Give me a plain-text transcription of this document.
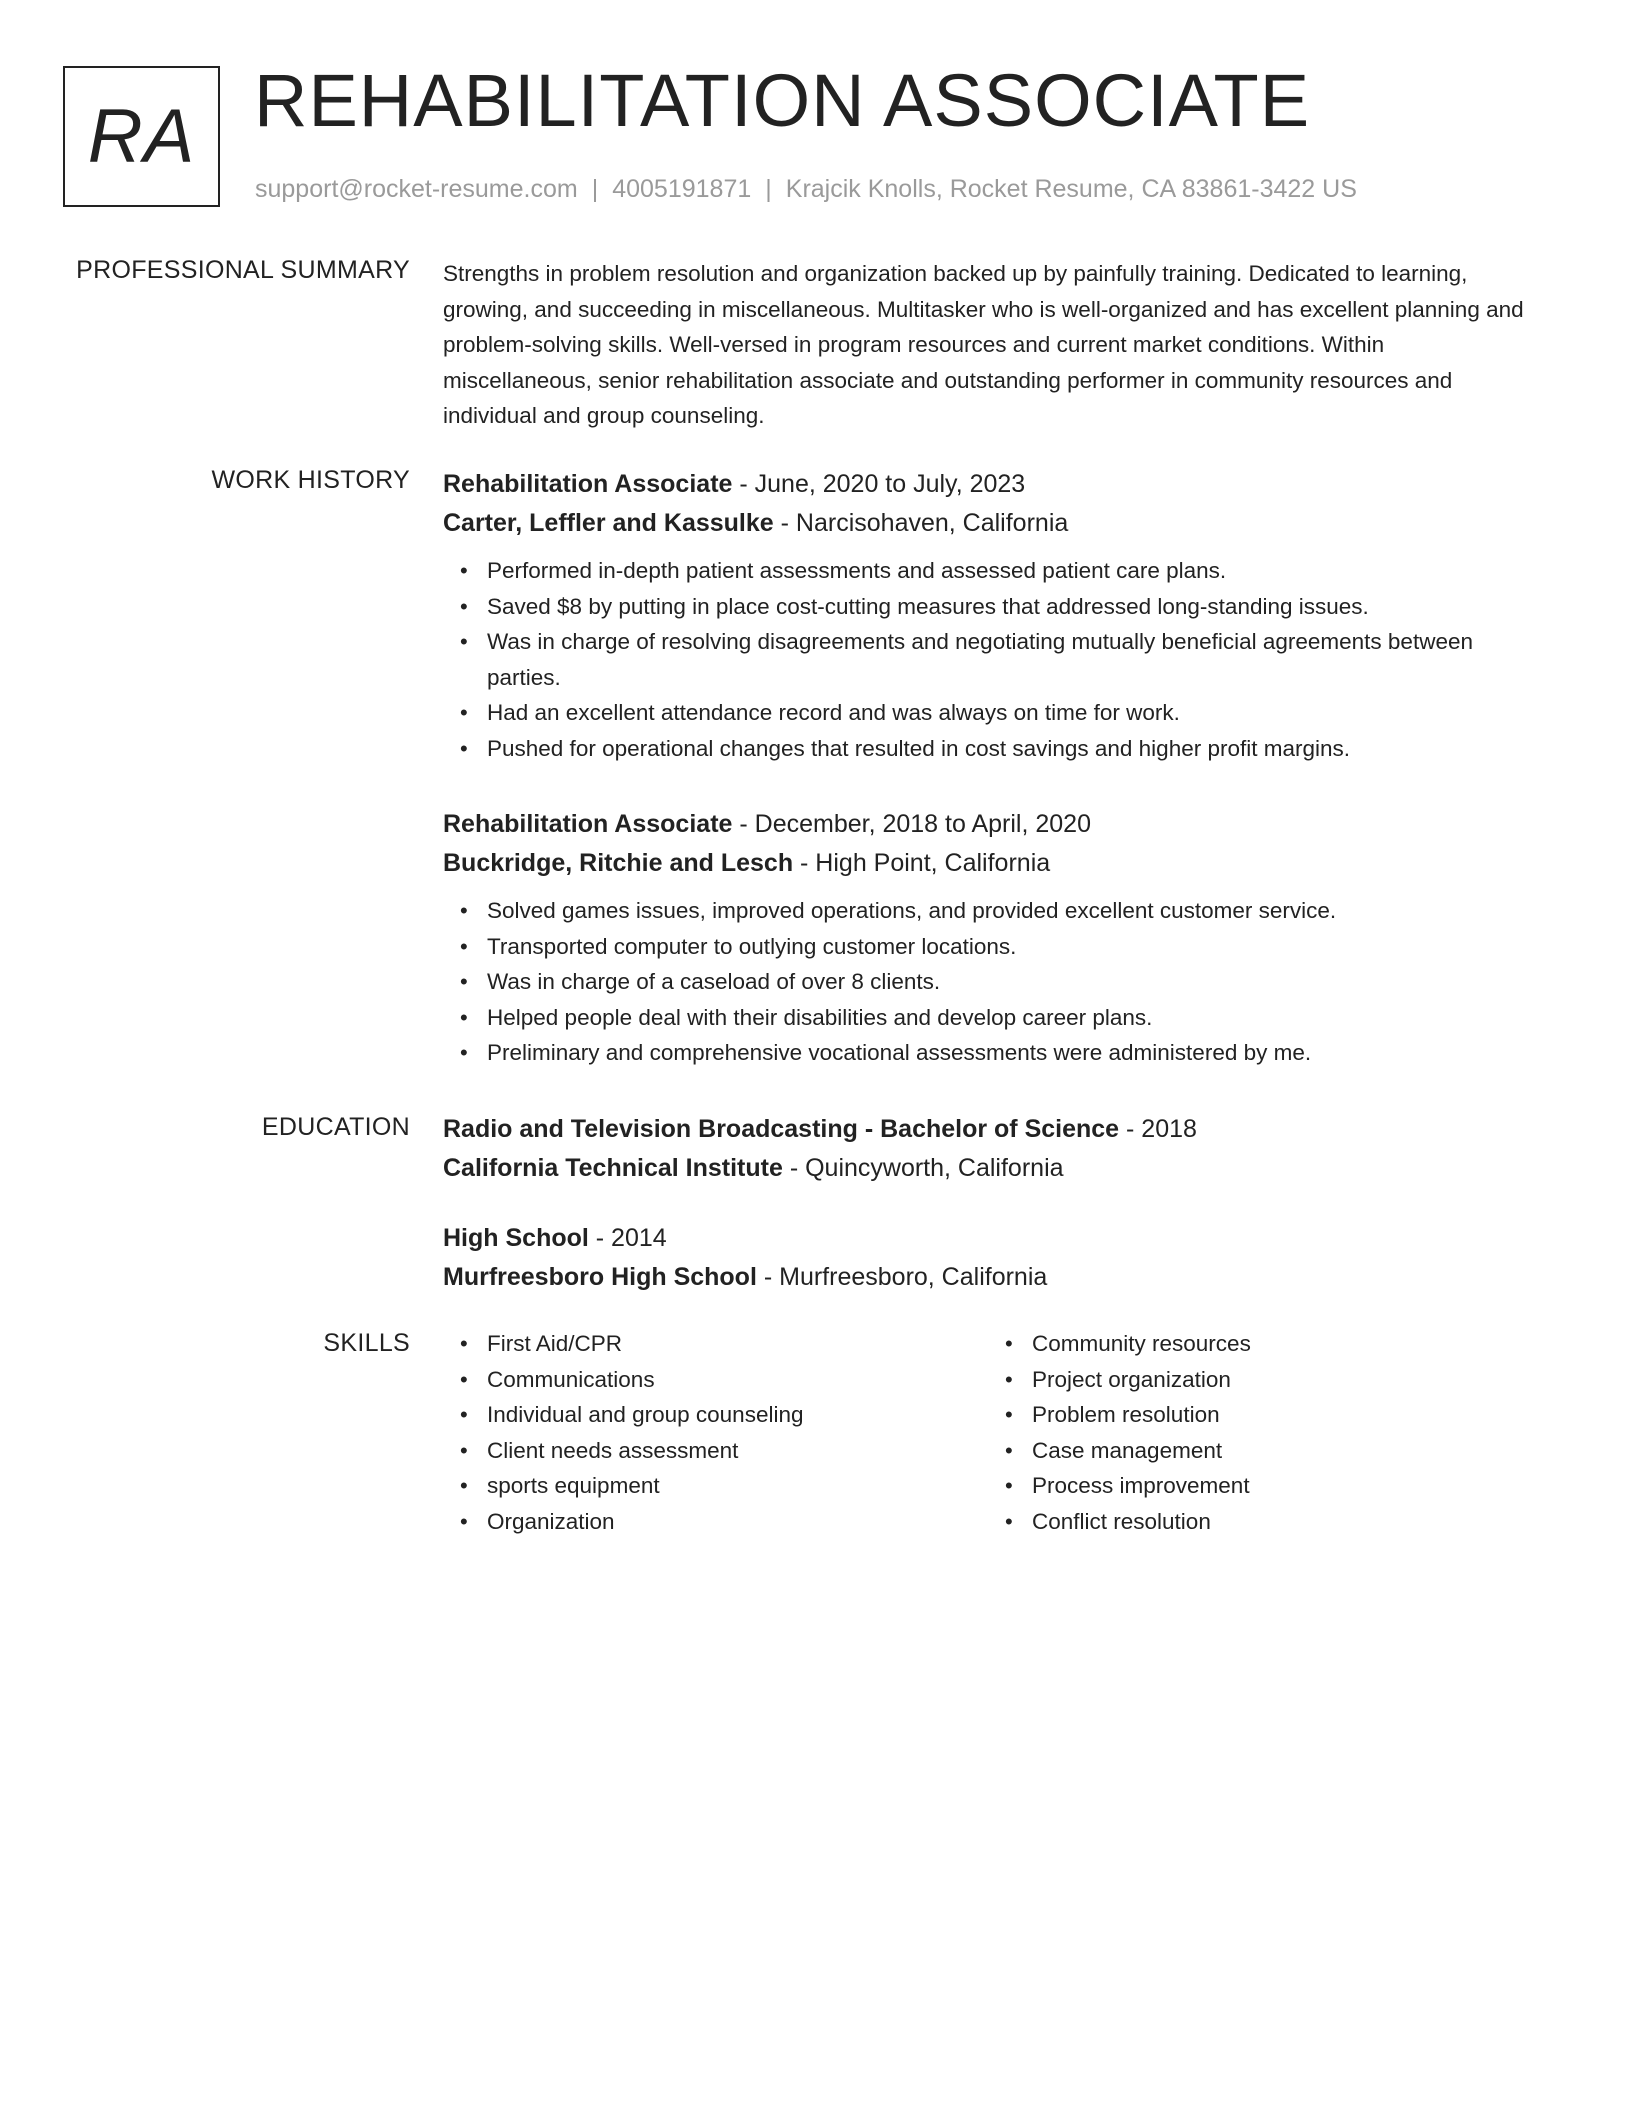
RA REHABILITATION ASSOCIATE
support@rocket-resume.com | 4005191871 | Krajcik Knolls, Rocket Resume, CA 83861-3422 US
PROFESSIONAL SUMMARY Strengths in problem resolution and organization backed up by painfully training. Dedicated to learning, growing, and succeeding in miscellaneous. Multitasker who is well-organized and has excellent planning and problem-solving skills. Well-versed in program resources and current market conditions. Within miscellaneous, senior rehabilitation associate and outstanding performer in community resources and individual and group counseling.

WORK HISTORY Rehabilitation Associate - June, 2020 to July, 2023
Carter, Leffler and Kassulke - Narcisohaven, California
• Performed in-depth patient assessments and assessed patient care plans.
• Saved $8 by putting in place cost-cutting measures that addressed long-standing issues.
• Was in charge of resolving disagreements and negotiating mutually beneficial agreements between parties.
• Had an excellent attendance record and was always on time for work.
• Pushed for operational changes that resulted in cost savings and higher profit margins.
Rehabilitation Associate - December, 2018 to April, 2020
Buckridge, Ritchie and Lesch - High Point, California
• Solved games issues, improved operations, and provided excellent customer service.
• Transported computer to outlying customer locations.
• Was in charge of a caseload of over 8 clients.
• Helped people deal with their disabilities and develop career plans.
• Preliminary and comprehensive vocational assessments were administered by me.
EDUCATION Radio and Television Broadcasting - Bachelor of Science - 2018
California Technical Institute - Quincyworth, California
High School - 2014
Murfreesboro High School - Murfreesboro, California
SKILLS
•	First Aid/CPR
• Communications
• Individual and group counseling
• Client needs assessment
• sports equipment
• Organization
• Community resources
• Project organization
• Problem resolution
• Case management
• Process improvement
• Conflict resolution
